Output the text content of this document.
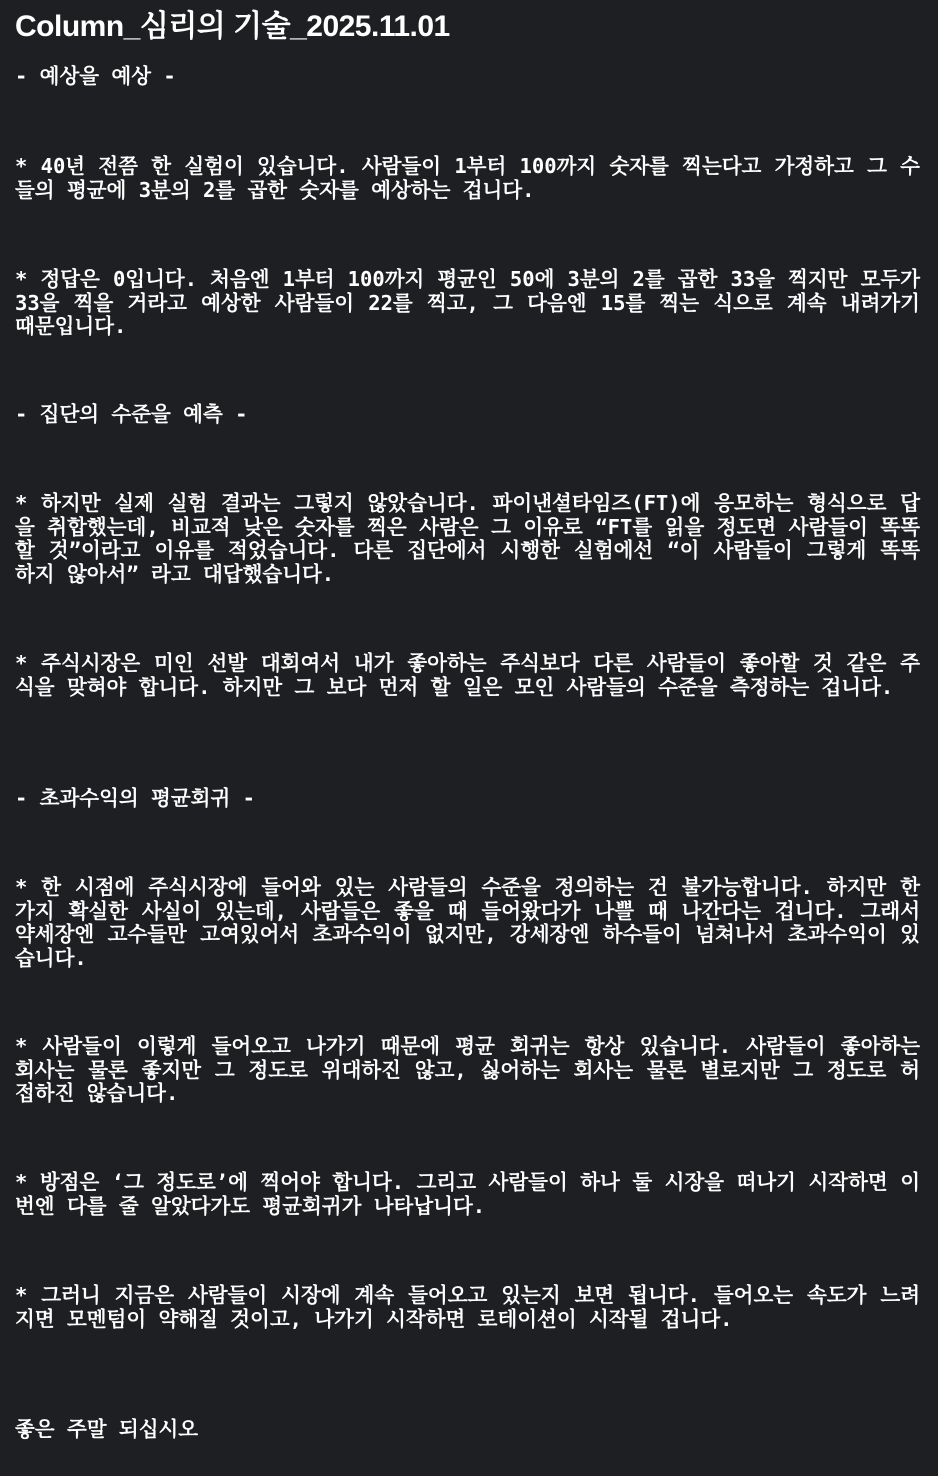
Column_심리의 기술_2025.11.01

- 예상을 예상 -

* 40년 전쯤 한 실험이 있습니다. 사람들이 1부터 100까지 숫자를 찍는다고 가정하고 그 수들의 평균에 3분의 2를 곱한 숫자를 예상하는 겁니다.

* 정답은 0입니다. 처음엔 1부터 100까지 평균인 50에 3분의 2를 곱한 33을 찍지만 모두가 33을 찍을 거라고 예상한 사람들이 22를 찍고, 그 다음엔 15를 찍는 식으로 계속 내려가기 때문입니다.

- 집단의 수준을 예측 -

* 하지만 실제 실험 결과는 그렇지 않았습니다. 파이낸셜타임즈(FT)에 응모하는 형식으로 답을 취합했는데, 비교적 낮은 숫자를 찍은 사람은 그 이유로 “FT를 읽을 정도면 사람들이 똑똑할 것”이라고 이유를 적었습니다. 다른 집단에서 시행한 실험에선 “이 사람들이 그렇게 똑똑하지 않아서” 라고 대답했습니다.

* 주식시장은 미인 선발 대회여서 내가 좋아하는 주식보다 다른 사람들이 좋아할 것 같은 주식을 맞혀야 합니다. 하지만 그 보다 먼저 할 일은 모인 사람들의 수준을 측정하는 겁니다.

- 초과수익의 평균회귀 -

* 한 시점에 주식시장에 들어와 있는 사람들의 수준을 정의하는 건 불가능합니다. 하지만 한 가지 확실한 사실이 있는데, 사람들은 좋을 때 들어왔다가 나쁠 때 나간다는 겁니다. 그래서 약세장엔 고수들만 고여있어서 초과수익이 없지만, 강세장엔 하수들이 넘쳐나서 초과수익이 있습니다.

* 사람들이 이렇게 들어오고 나가기 때문에 평균 회귀는 항상 있습니다. 사람들이 좋아하는 회사는 물론 좋지만 그 정도로 위대하진 않고, 싫어하는 회사는 물론 별로지만 그 정도로 허접하진 않습니다.

* 방점은 ‘그 정도로’에 찍어야 합니다. 그리고 사람들이 하나 둘 시장을 떠나기 시작하면 이번엔 다를 줄 알았다가도 평균회귀가 나타납니다.

* 그러니 지금은 사람들이 시장에 계속 들어오고 있는지 보면 됩니다. 들어오는 속도가 느려지면 모멘텀이 약해질 것이고, 나가기 시작하면 로테이션이 시작될 겁니다.

좋은 주말 되십시오
